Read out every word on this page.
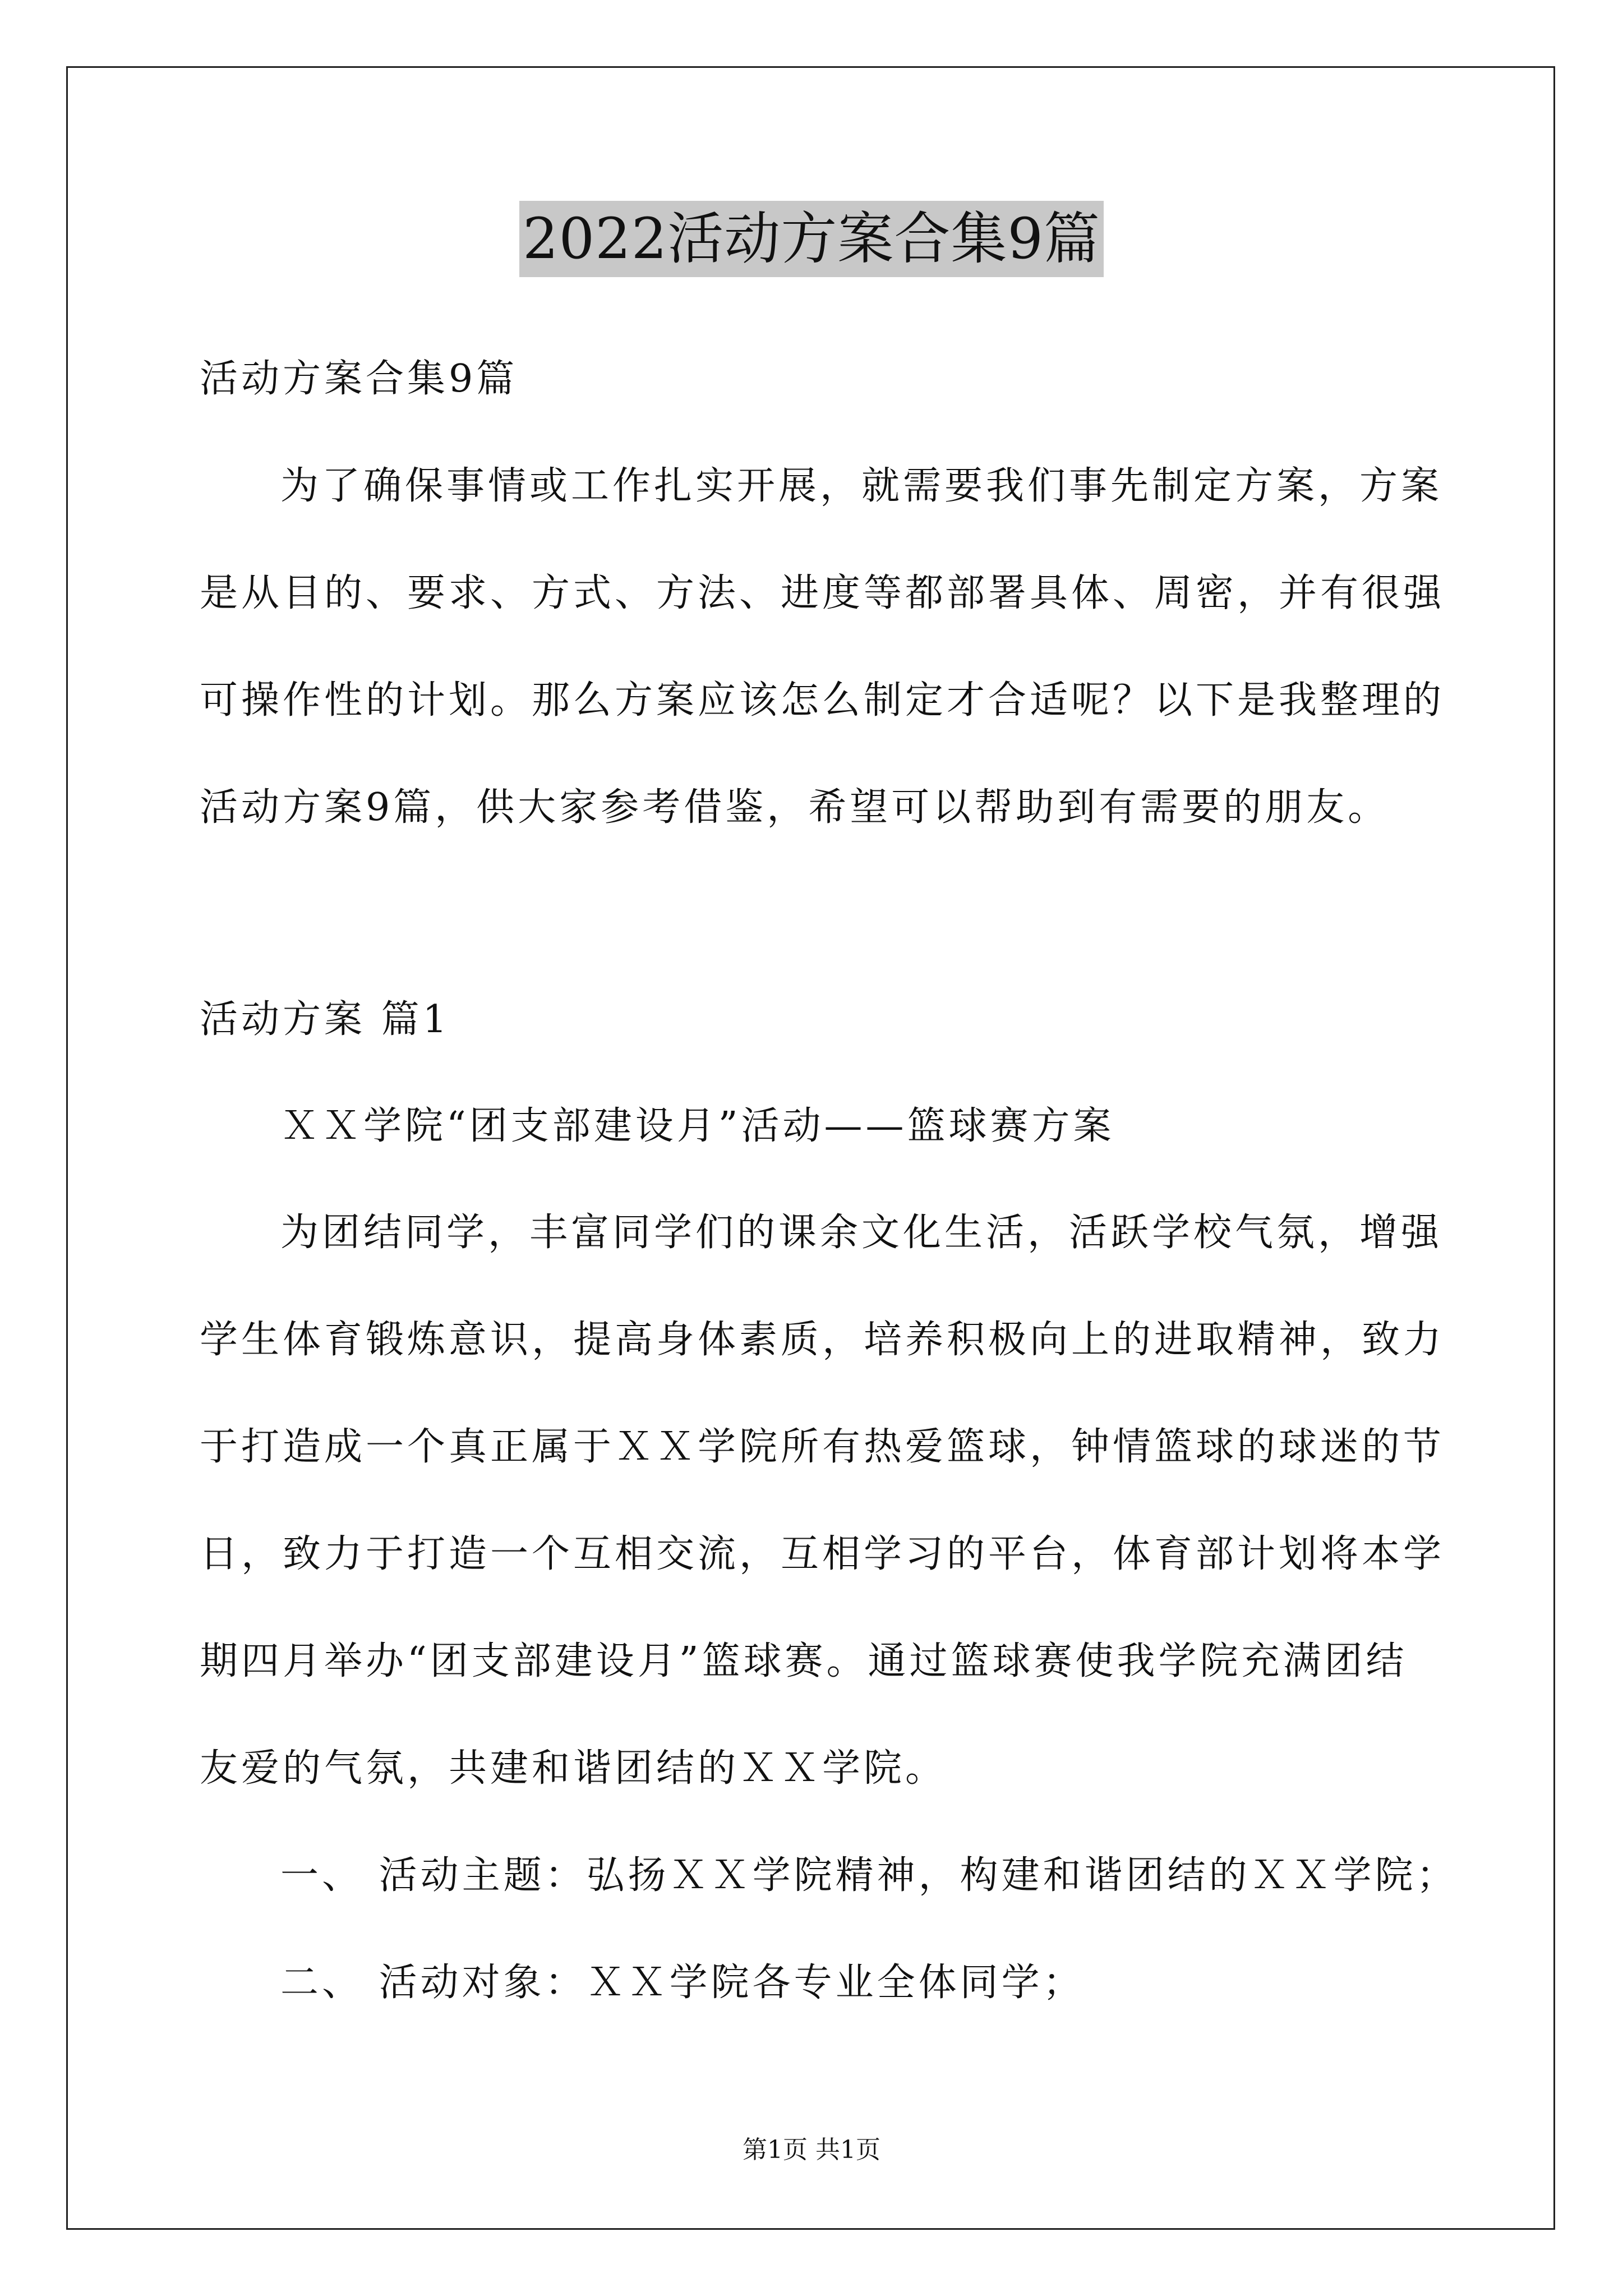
2022活动方案合集9篇
活动方案合集9篇
为了确保事情或工作扎实开展，就需要我们事先制定方案，方案
是从目的、要求、方式、方法、进度等都部署具体、周密，并有很强
可操作性的计划。那么方案应该怎么制定才合适呢？以下是我整理的
活动方案9篇，供大家参考借鉴，希望可以帮助到有需要的朋友。
活动方案 篇1
ＸＸ学院“团支部建设月”活动——篮球赛方案
为团结同学，丰富同学们的课余文化生活，活跃学校气氛，增强
学生体育锻炼意识，提高身体素质，培养积极向上的进取精神，致力
于打造成一个真正属于ＸＸ学院所有热爱篮球，钟情篮球的球迷的节
日，致力于打造一个互相交流，互相学习的平台，体育部计划将本学
期四月举办“团支部建设月”篮球赛。通过篮球赛使我学院充满团结
友爱的气氛，共建和谐团结的ＸＸ学院。
一、 活动主题：弘扬ＸＸ学院精神，构建和谐团结的ＸＸ学院；
二、 活动对象：ＸＸ学院各专业全体同学；
第1页 共1页
